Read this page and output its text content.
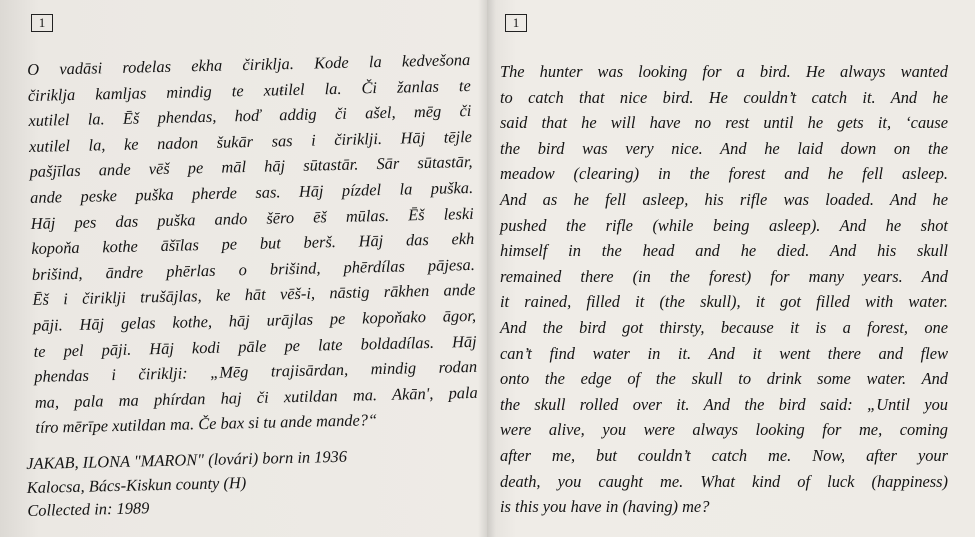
1
O vadāsi rodelas ekha čiriklja. Kode la kedvešona
čiriklja kamljas mindig te xuŧilel la. Či žanlas te
xutilel la. Ēš phendas, hoď addig či ašel, mēg či
xutilel la, ke nadon šukār sas i čiriklji. Hāj tējle
pašjīlas ande vēš pe māl hāj sūtastār. Sār sūtastār,
ande peske puška pherde sas. Hāj pízdel la puška.
Hāj pes das puška ando šēro ēš mūlas. Ēš leski
kopoňa kothe āšīlas pe but berš. Hāj das ekh
brišind, āndre phērlas o brišind, phērdílas pājesa.
Ēš i čiriklji trušājlas, ke hāt vēš-i, nāstig rākhen ande
pāji. Hāj gelas kothe, hāj urājlas pe kopoňako āgor,
te pel pāji. Hāj kodi pāle pe late boldadílas. Hāj
phendas i čiriklji: „Mēg trajisārdan, mindig rodan
ma, pala ma phírdan haj či xutildan ma. Akān', pala
tíro mērīpe xutildan ma. Če bax si tu ande mande?“
JAKAB, ILONA "MARON" (lovári) born in 1936
Kalocsa, Bács-Kiskun county (H)
Collected in: 1989
1
The hunter was looking for a bird. He always wanted
to catch that nice bird. He couldn’t catch it. And he
said that he will have no rest until he gets it, ‘cause
the bird was very nice. And he laid down on the
meadow (clearing) in the forest and he fell asleep.
And as he fell asleep, his rifle was loaded. And he
pushed the rifle (while being asleep). And he shot
himself in the head and he died. And his skull
remained there (in the forest) for many years. And
it rained, filled it (the skull), it got filled with water.
And the bird got thirsty, because it is a forest, one
can’t find water in it. And it went there and flew
onto the edge of the skull to drink some water. And
the skull rolled over it. And the bird said: „Until you
were alive, you were always looking for me, coming
after me, but couldn’t catch me. Now, after your
death, you caught me. What kind of luck (happiness)
is this you have in (having) me?
